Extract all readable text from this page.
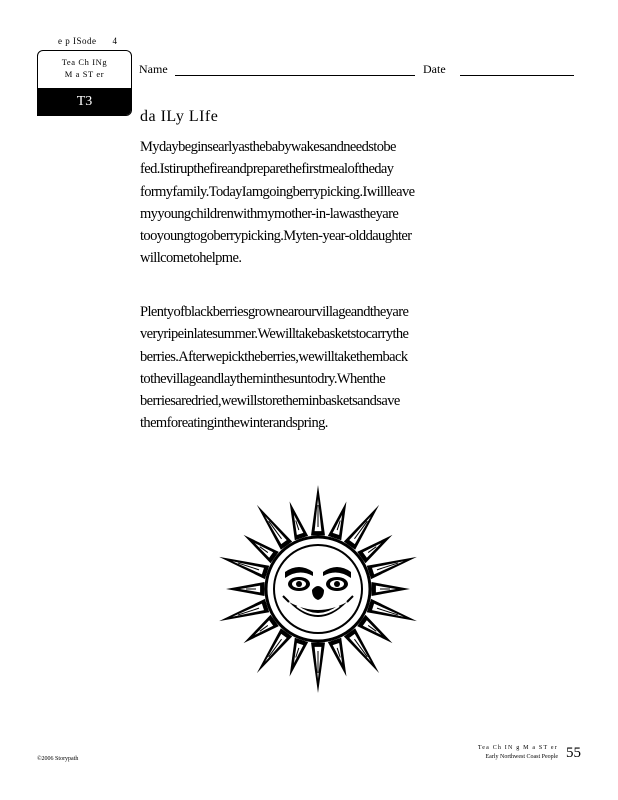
e p ISode 4
Tea Ch INg
M a ST er
T3
Name	Date
da ILy LIfe
Mydaybeginsearlyasthebabywakesandneedstobe
fed.Istirupthefireandpreparethefirstmealoftheday
formyfamily.TodayIamgoingberrypicking.Iwillleave
myyoungchildrenwithmymother-in-lawastheyare
tooyoungtogoberrypicking.Myten-year-olddaughter
willcometohelpme.
Plentyofblackberriesgrownearourvillageandtheyare
veryripeinlatesummer.Wewilltakebasketstocarrythe
berries.Afterwepicktheberries,wewilltakethemback
tothevillageandlaytheminthesuntodry.Whenthe
berriesaredried,wewillstoretheminbasketsandsave
themforeatinginthewinterandspring.
©2006 Storypath
Tea Ch IN g M a ST er
Early Northwest Coast People 55
